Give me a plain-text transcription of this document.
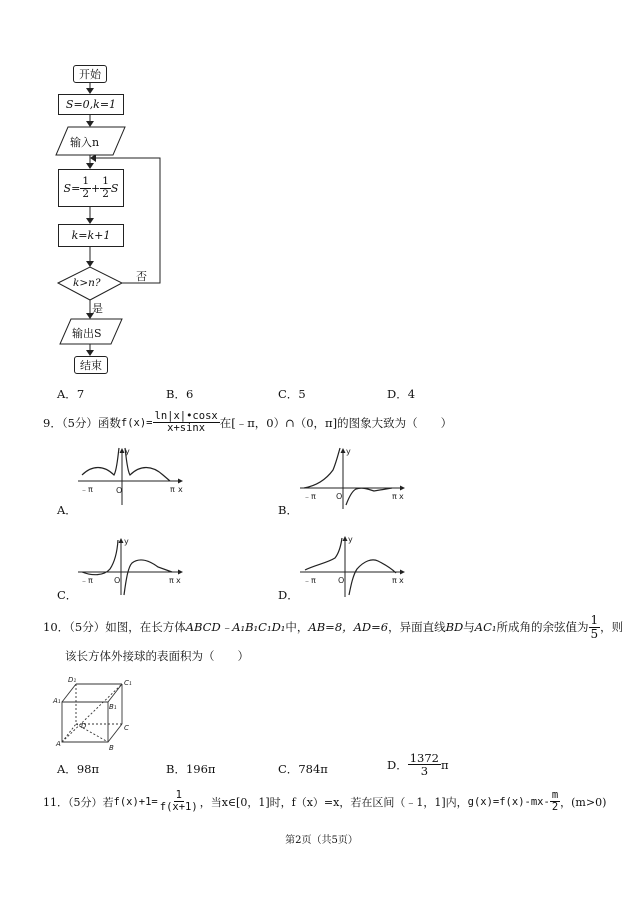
开始
S=0,k=1
输入n
$S= \frac{1}{2} + \frac{1}{2}$ S
k=k+1
k>n?	否
是
输出S
结束
A．7	B．6	C．5	D．4
9．（5分）函数 $f(x)= \frac{\ln|x|•\cos x}{x+\sin x}$ 在[﹣π，0）∩（0，π]的图象大致为（　　）
﹣π	O	π x
y
﹣π	O	π x
y
﹣π	O	π x
y
﹣π	O	π x
y
A．	B．
C．	D．
10．（5分）如图，在长方体 ABCD﹣A₁B₁C₁D₁ 中， AB=8，AD=6 ，异面直线 BD 与 AC₁ 所成角的余弦值为 $\frac{1}{5}$ ，则
该长方体外接球的表面积为（　　）
A	B
C
D
A₁
B₁
C₁
D₁
A．98π	B．196π	C．784π	D． $\frac{1372}{3}$ π
11．（5分）若 $f(x)+1= \frac{1}{f(x+1)}$ ，当x∈[0，1]时，f（x）=x，若在区间（﹣1，1]内， $g(x)=f(x)-mx- \frac{m}{2}$ ，(m>0)
第2页（共5页）
